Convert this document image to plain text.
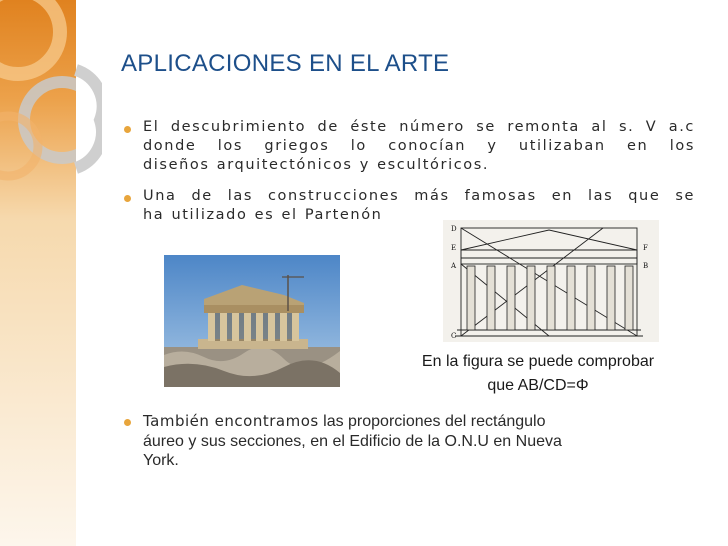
APLICACIONES EN EL ARTE
El descubrimiento de éste número se remonta al s. V a.c
donde los griegos lo conocían y utilizaban en los
diseños arquitectónicos y escultóricos.
Una de las construcciones más famosas en las que se
ha utilizado es el Partenón
D
E	F
A	B
C
En la figura se puede comprobar
que AB/CD=Φ
También encontramos las proporciones del rectángulo
áureo y sus secciones, en el Edificio de la O.N.U en Nueva
York.
